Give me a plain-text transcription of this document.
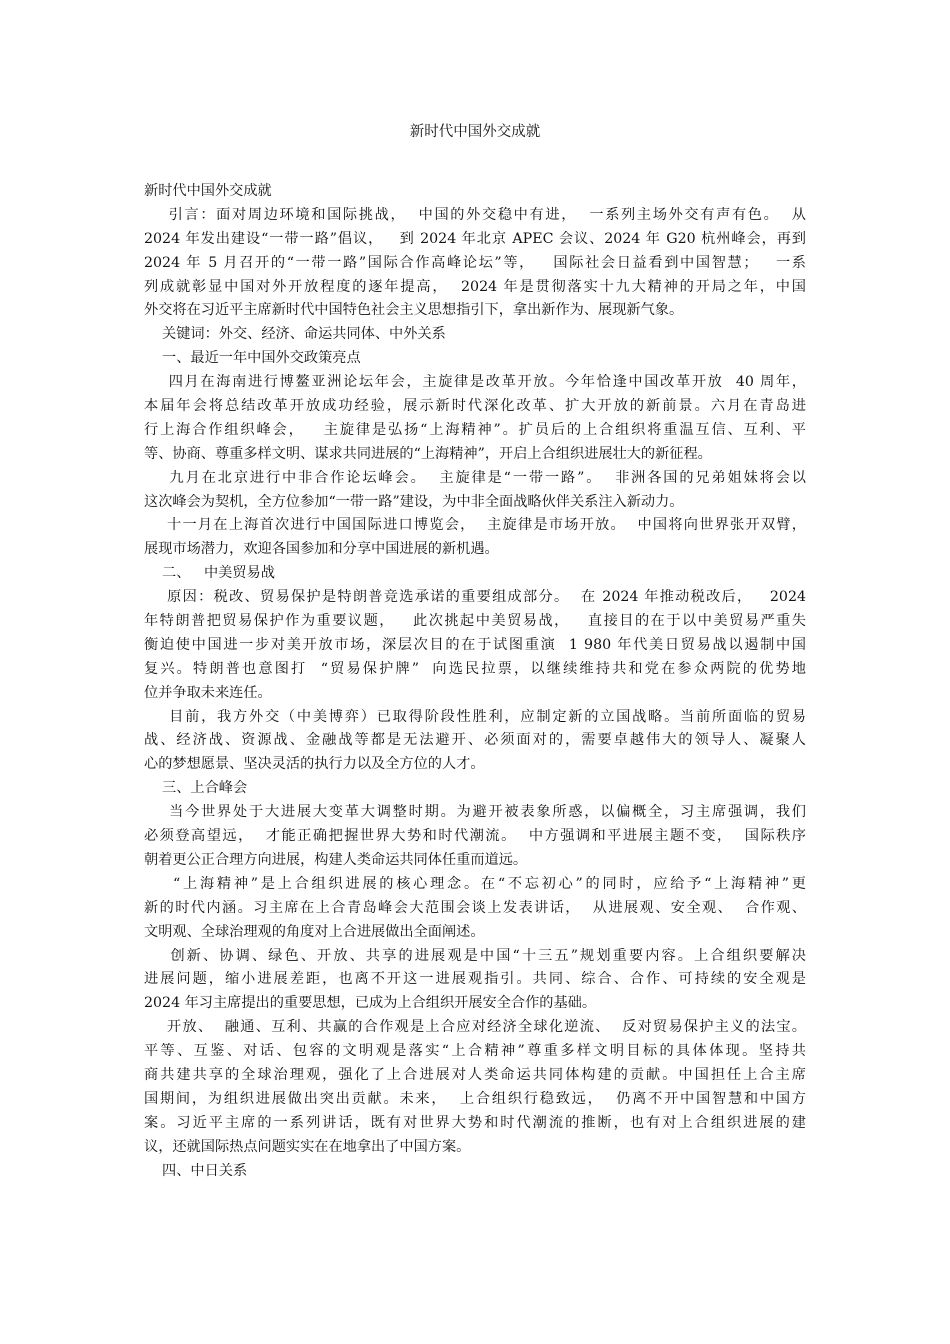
新时代中国外交成就
新时代中国外交成就
引言：面对周边环境和国际挑战，  中国的外交稳中有进，  一系列主场外交有声有色。  从
2024 年发出建设“一带一路”倡议，   到 2024 年北京 APEC 会议、2024 年 G20 杭州峰会，再到
2024 年 5 月召开的“一带一路”国际合作高峰论坛”等，   国际社会日益看到中国智慧；   一系
列成就彰显中国对外开放程度的逐年提高，  2024 年是贯彻落实十九大精神的开局之年，中国
外交将在习近平主席新时代中国特色社会主义思想指引下，拿出新作为、展现新气象。
关键词：外交、经济、命运共同体、中外关系
一、最近一年中国外交政策亮点
四月在海南进行博鳌亚洲论坛年会，主旋律是改革开放。今年恰逢中国改革开放  40 周年，
本届年会将总结改革开放成功经验，展示新时代深化改革、扩大开放的新前景。六月在青岛进
行上海合作组织峰会，   主旋律是弘扬“上海精神”。扩员后的上合组织将重温互信、互利、平
等、协商、尊重多样文明、谋求共同进展的“上海精神”，开启上合组织进展壮大的新征程。
九月在北京进行中非合作论坛峰会。  主旋律是“一带一路”。  非洲各国的兄弟姐妹将会以
这次峰会为契机，全方位参加“一带一路”建设，为中非全面战略伙伴关系注入新动力。
十一月在上海首次进行中国国际进口博览会，  主旋律是市场开放。  中国将向世界张开双臂，
展现市场潜力，欢迎各国参加和分享中国进展的新机遇。
二、   中美贸易战
原因：税改、贸易保护是特朗普竞选承诺的重要组成部分。  在 2024 年推动税改后，   2024
年特朗普把贸易保护作为重要议题，   此次挑起中美贸易战，   直接目的在于以中美贸易严重失
衡迫使中国进一步对美开放市场，深层次目的在于试图重演  1 980 年代美日贸易战以遏制中国
复兴。特朗普也意图打  “贸易保护牌”  向选民拉票，以继续维持共和党在参众两院的优势地
位并争取未来连任。
目前，我方外交（中美博弈）已取得阶段性胜利，应制定新的立国战略。当前所面临的贸易
战、经济战、资源战、金融战等都是无法避开、必须面对的，需要卓越伟大的领导人、凝聚人
心的梦想愿景、坚决灵活的执行力以及全方位的人才。
三、上合峰会
当今世界处于大进展大变革大调整时期。为避开被表象所惑，以偏概全，习主席强调，我们
必须登高望远，  才能正确把握世界大势和时代潮流。  中方强调和平进展主题不变，  国际秩序
朝着更公正合理方向进展，构建人类命运共同体任重而道远。
“上海精神”是上合组织进展的核心理念。在“不忘初心”的同时，应给予“上海精神”更
新的时代内涵。习主席在上合青岛峰会大范围会谈上发表讲话，  从进展观、安全观、  合作观、
文明观、全球治理观的角度对上合进展做出全面阐述。
创新、协调、绿色、开放、共享的进展观是中国“十三五”规划重要内容。上合组织要解决
进展问题，缩小进展差距，也离不开这一进展观指引。共同、综合、合作、可持续的安全观是
2024 年习主席提出的重要思想，已成为上合组织开展安全合作的基础。
开放、  融通、互利、共赢的合作观是上合应对经济全球化逆流、  反对贸易保护主义的法宝。
平等、互鉴、对话、包容的文明观是落实“上合精神”尊重多样文明目标的具体体现。坚持共
商共建共享的全球治理观，强化了上合进展对人类命运共同体构建的贡献。中国担任上合主席
国期间，为组织进展做出突出贡献。未来，  上合组织行稳致远，  仍离不开中国智慧和中国方
案。习近平主席的一系列讲话，既有对世界大势和时代潮流的推断，也有对上合组织进展的建
议，还就国际热点问题实实在在地拿出了中国方案。
四、中日关系
